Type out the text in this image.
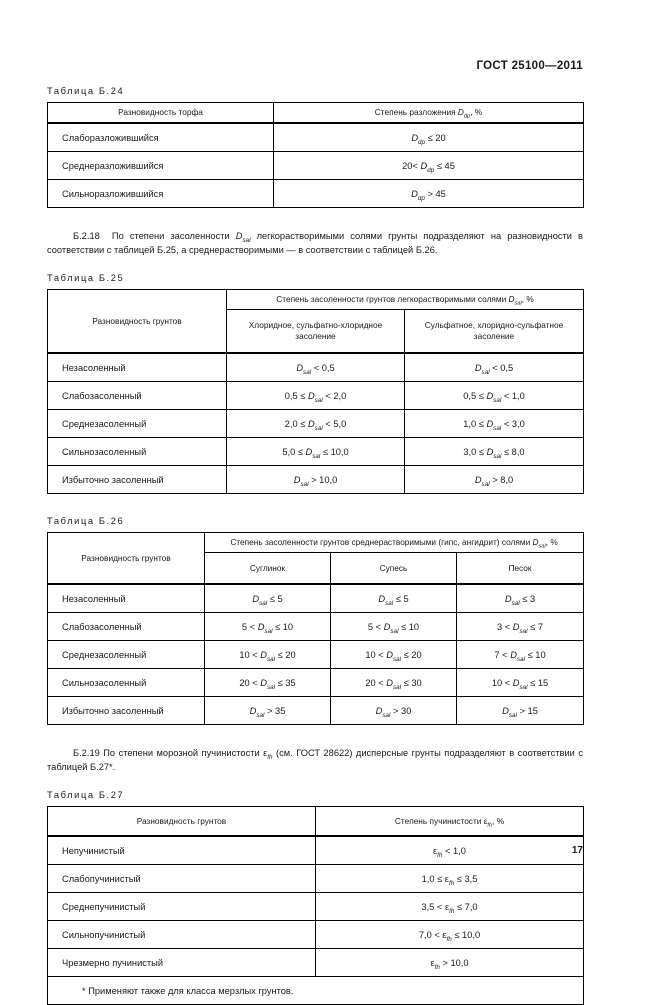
ГОСТ 25100—2011
Таблица Б.24
Разновидность торфа	Степень разложения $D_{dp}$, %
Слаборазложившийся	$D_{dp} \le 20$
Среднеразложившийся	$20< D_{dp} \le 45$
Сильноразложившийся	$D_{dp} > 45$

Б.2.18 По степени засоленности $D_{sal}$ легкорастворимыми солями грунты подразделяют на разновидности в соответствии с таблицей Б.25, а среднерастворимыми — в соответствии с таблицей Б.26.

Таблица Б.25
Разновидность грунтов	Степень засоленности грунтов легкорастворимыми солями $D_{sal}$, %	
	Хлоридное, сульфатно-хлоридное засоление	Сульфатное, хлоридно-сульфатное засоление
Незасоленный	$D_{sal} < 0,5$	$D_{sal} < 0,5$
Слабозасоленный	$0,5 \le D_{sal} < 2,0$	$0,5 \le D_{sal} < 1,0$
Среднезасоленный	$2,0 \le D_{sal} < 5,0$	$1,0 \le D_{sal} < 3,0$
Сильнозасоленный	$5,0 \le D_{sal} \le 10,0$	$3,0 \le D_{sal} \le 8,0$
Избыточно засоленный	$D_{sal} > 10,0$	$D_{sal} > 8,0$
Таблица Б.26
Разновидность грунтов	Степень засоленности грунтов среднерастворимыми (гипс, ангидрит) солями $D_{sal}$, %		
	Суглинок	Супесь	Песок
Незасоленный	$D_{sal} \le 5$	$D_{sal} \le 5$	$D_{sal} \le 3$
Слабозасоленный	$5 < D_{sal} \le 10$	$5 < D_{sal} \le 10$	$3 < D_{sal} \le 7$
Среднезасоленный	$10 < D_{sal} \le 20$	$10 < D_{sal} \le 20$	$7 < D_{sal} \le 10$
Сильнозасоленный	$20 < D_{sal} \le 35$	$20 < D_{sal} \le 30$	$10 < D_{sal} \le 15$
Избыточно засоленный	$D_{sal} > 35$	$D_{sal} > 30$	$D_{sal} > 15$

Б.2.19 По степени морозной пучинистости $\varepsilon_{fh}$ (см. ГОСТ 28622) дисперсные грунты подразделяют в соответствии с таблицей Б.27*.

Таблица Б.27
Разновидность грунтов	Степень пучинистости $\varepsilon_{fh}$, %
Непучинистый	$\varepsilon_{fh} < 1,0$
Слабопучинистый	$1,0 \le \varepsilon_{fh} \le 3,5$
Среднепучинистый	$3,5 < \varepsilon_{fh} \le 7,0$
Сильнопучинистый	$7,0 < \varepsilon_{fh} \le 10,0$
Чрезмерно пучинистый	$\varepsilon_{fh} > 10,0$
* Применяют также для класса мерзлых грунтов.	
17
